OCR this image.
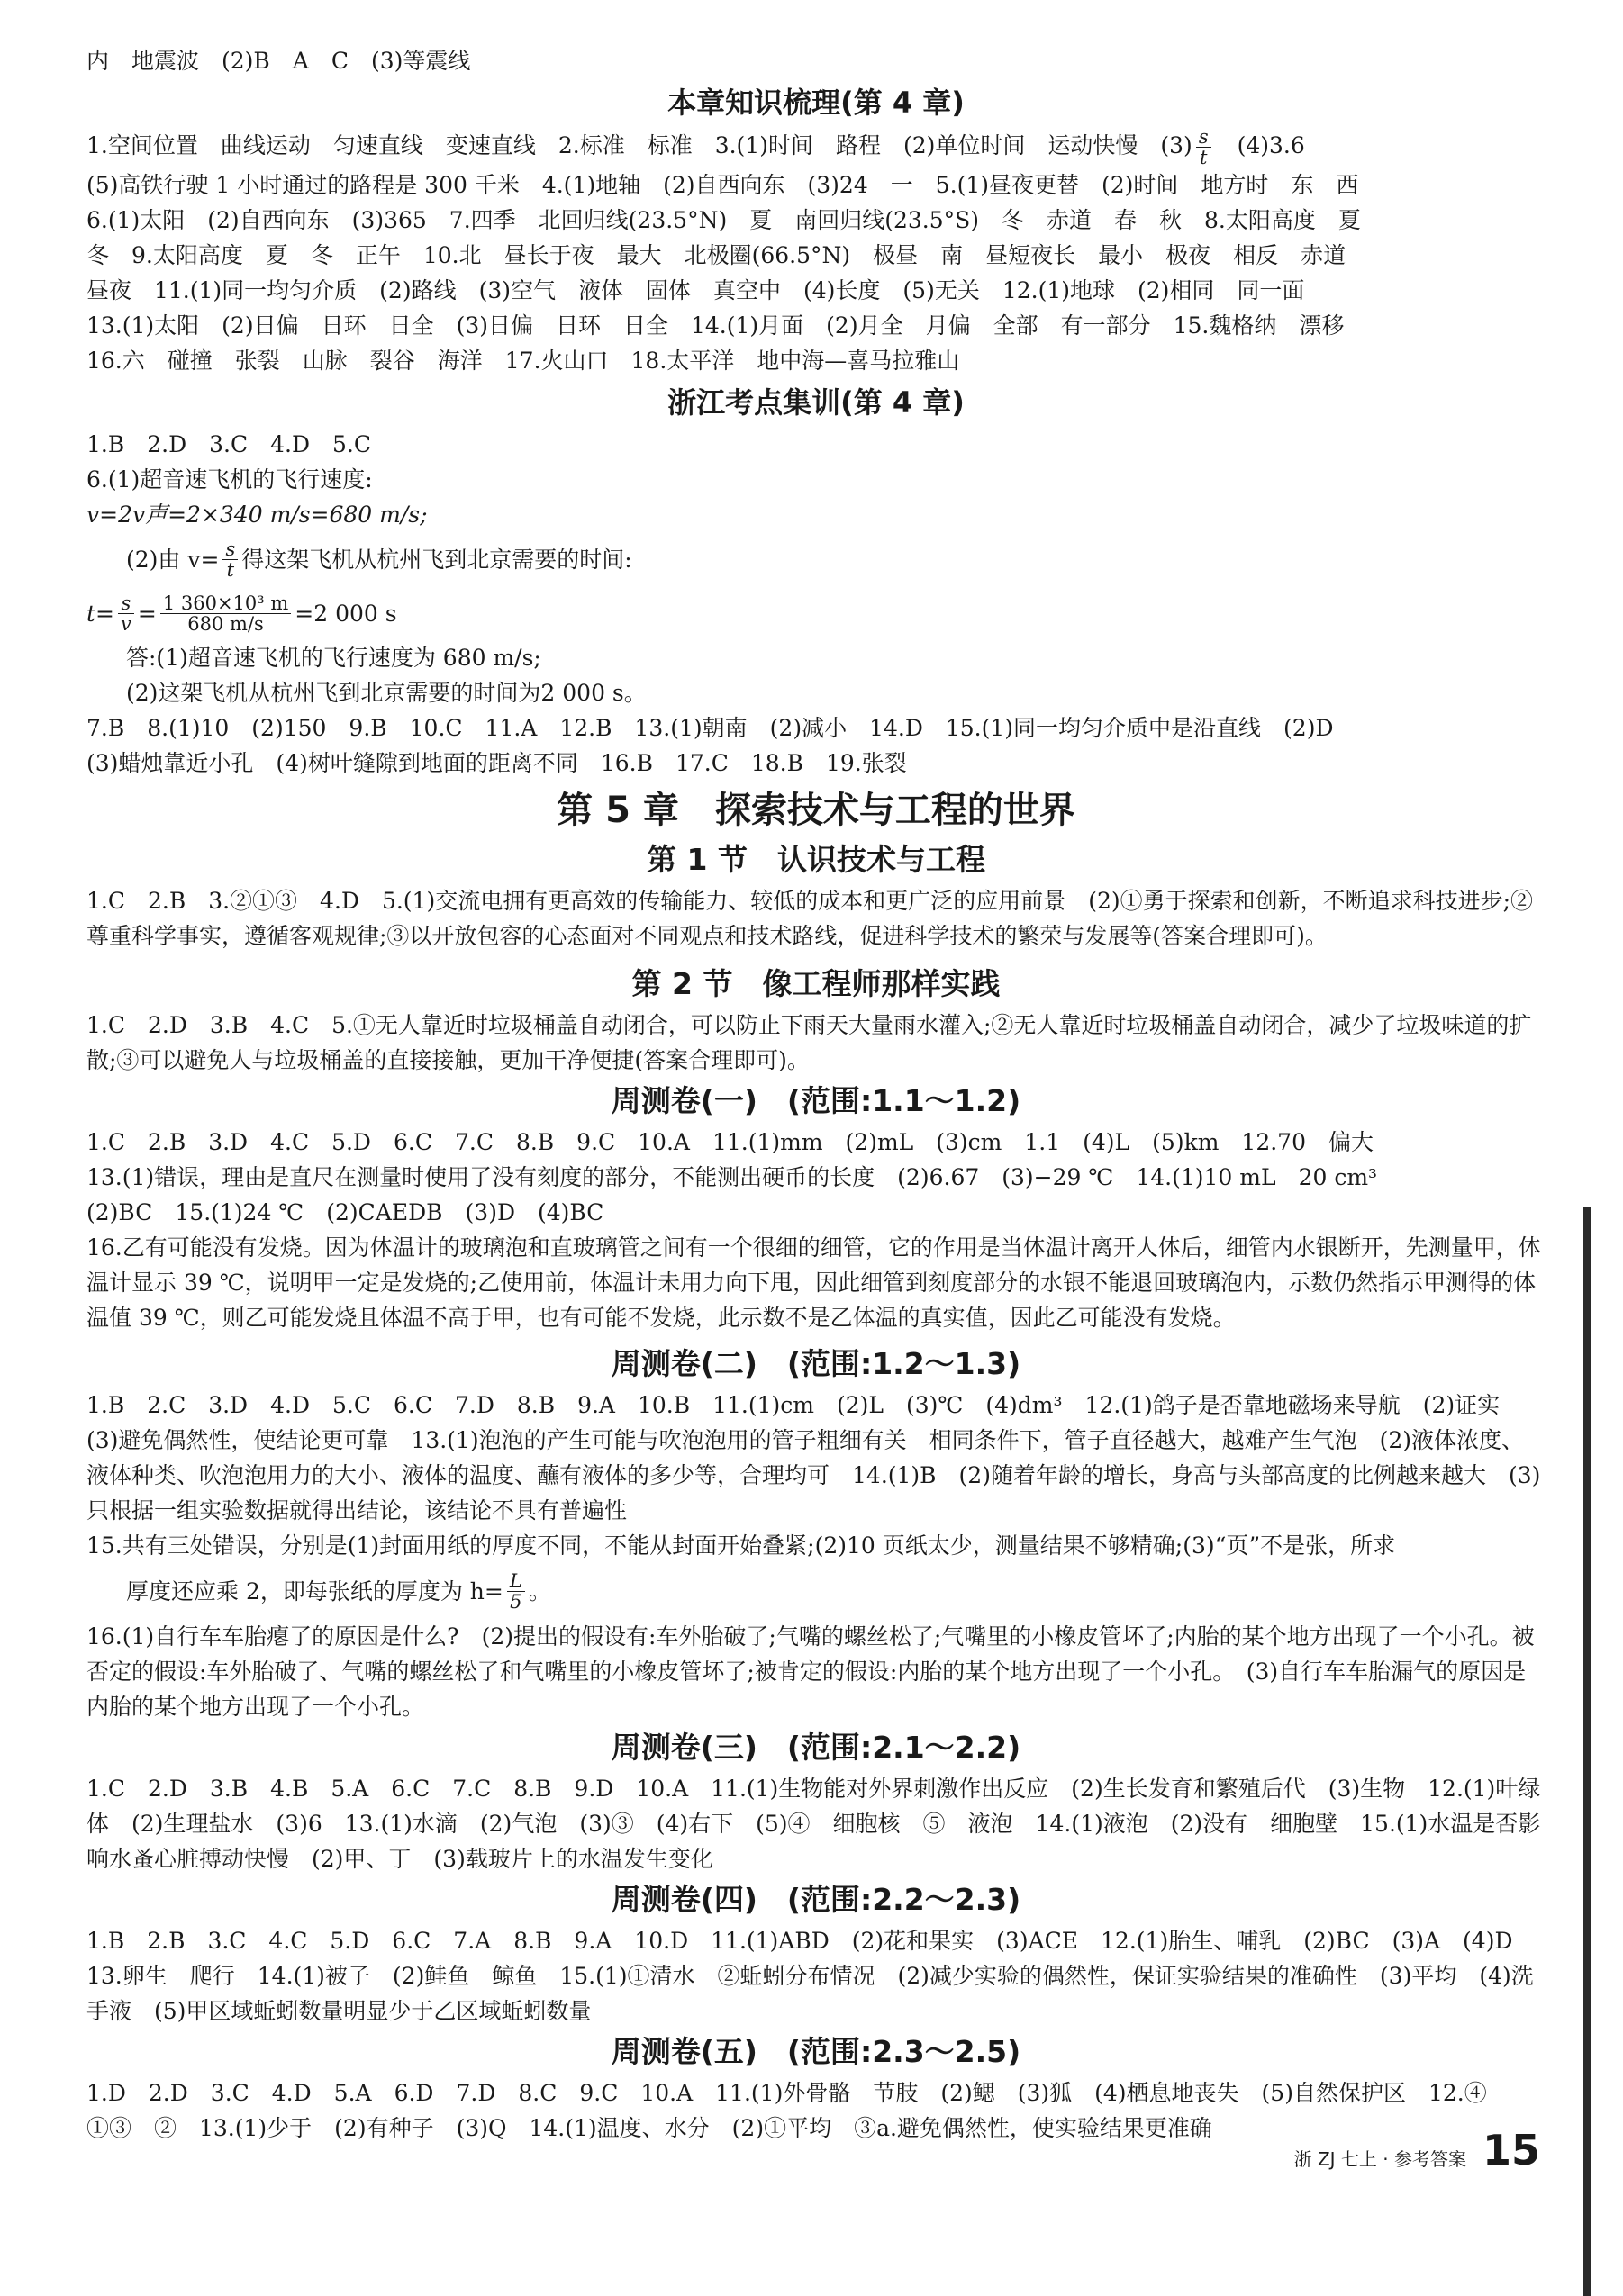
内　地震波　(2)B　A　C　(3)等震线
本章知识梳理(第 4 章)
1.空间位置　曲线运动　匀速直线　变速直线　2.标准　标准　3.(1)时间　路程　(2)单位时间　运动快慢　$(3) \frac{s}{t}$ 　(4)3.6
(5)高铁行驶 1 小时通过的路程是 300 千米　4.(1)地轴　(2)自西向东　(3)24　一　5.(1)昼夜更替　(2)时间　地方时　东　西
6.(1)太阳　(2)自西向东　(3)365　7.四季　北回归线(23.5°N)　夏　南回归线(23.5°S)　冬　赤道　春　秋　8.太阳高度　夏
冬　9.太阳高度　夏　冬　正午　10.北　昼长于夜　最大　北极圈(66.5°N)　极昼　南　昼短夜长　最小　极夜　相反　赤道
昼夜　11.(1)同一均匀介质　(2)路线　(3)空气　液体　固体　真空中　(4)长度　(5)无关　12.(1)地球　(2)相同　同一面
13.(1)太阳　(2)日偏　日环　日全　(3)日偏　日环　日全　14.(1)月面　(2)月全　月偏　全部　有一部分　15.魏格纳　漂移
16.六　碰撞　张裂　山脉　裂谷　海洋　17.火山口　18.太平洋　地中海—喜马拉雅山
浙江考点集训(第 4 章)
1.B　2.D　3.C　4.D　5.C
6.(1)超音速飞机的飞行速度:
v=2v声=2×340 m/s=680 m/s;
(2)由 $v= \frac{s}{t}$ 得这架飞机从杭州飞到北京需要的时间:
$t= \frac{s}{v} = \frac{\text{1 360×10³ m}}{680 m/s} =2$ 000 s
答:(1)超音速飞机的飞行速度为 680 m/s;
(2)这架飞机从杭州飞到北京需要的时间为2 000 s。
7.B　8.(1)10　(2)150　9.B　10.C　11.A　12.B　13.(1)朝南　(2)减小　14.D　15.(1)同一均匀介质中是沿直线　(2)D
(3)蜡烛靠近小孔　(4)树叶缝隙到地面的距离不同　16.B　17.C　18.B　19.张裂
第 5 章　探索技术与工程的世界
第 1 节　认识技术与工程
1.C　2.B　3.②①③　4.D　5.(1)交流电拥有更高效的传输能力、较低的成本和更广泛的应用前景　(2)①勇于探索和创新，不断追求科技进步;②尊重科学事实，遵循客观规律;③以开放包容的心态面对不同观点和技术路线，促进科学技术的繁荣与发展等(答案合理即可)。
第 2 节　像工程师那样实践
1.C　2.D　3.B　4.C　5.①无人靠近时垃圾桶盖自动闭合，可以防止下雨天大量雨水灌入;②无人靠近时垃圾桶盖自动闭合，减少了垃圾味道的扩散;③可以避免人与垃圾桶盖的直接接触，更加干净便捷(答案合理即可)。
周测卷(一)　(范围:1.1～1.2)
1.C　2.B　3.D　4.C　5.D　6.C　7.C　8.B　9.C　10.A　11.(1)mm　(2)mL　(3)cm　1.1　(4)L　(5)km　12.70　偏大
13.(1)错误，理由是直尺在测量时使用了没有刻度的部分，不能测出硬币的长度　(2)6.67　(3)−29 ℃　14.(1)10 mL　20 cm³
(2)BC　15.(1)24 ℃　(2)CAEDB　(3)D　(4)BC
16.乙有可能没有发烧。因为体温计的玻璃泡和直玻璃管之间有一个很细的细管，它的作用是当体温计离开人体后，细管内水银断开，先测量甲，体温计显示 39 ℃，说明甲一定是发烧的;乙使用前，体温计未用力向下甩，因此细管到刻度部分的水银不能退回玻璃泡内，示数仍然指示甲测得的体温值 39 ℃，则乙可能发烧且体温不高于甲，也有可能不发烧，此示数不是乙体温的真实值，因此乙可能没有发烧。
周测卷(二)　(范围:1.2～1.3)
1.B　2.C　3.D　4.D　5.C　6.C　7.D　8.B　9.A　10.B　11.(1)cm　(2)L　(3)℃　(4)dm³　12.(1)鸽子是否靠地磁场来导航　(2)证实　(3)避免偶然性，使结论更可靠　13.(1)泡泡的产生可能与吹泡泡用的管子粗细有关　相同条件下，管子直径越大，越难产生气泡　(2)液体浓度、液体种类、吹泡泡用力的大小、液体的温度、蘸有液体的多少等，合理均可　14.(1)B　(2)随着年龄的增长，身高与头部高度的比例越来越大　(3)只根据一组实验数据就得出结论，该结论不具有普遍性
15.共有三处错误，分别是(1)封面用纸的厚度不同，不能从封面开始叠紧;(2)10 页纸太少，测量结果不够精确;(3)“页”不是张，所求
厚度还应乘 2，即每张纸的厚度为 $h= \frac{L}{5}$ 。
16.(1)自行车车胎瘪了的原因是什么?　(2)提出的假设有:车外胎破了;气嘴的螺丝松了;气嘴里的小橡皮管坏了;内胎的某个地方出现了一个小孔。被否定的假设:车外胎破了、气嘴的螺丝松了和气嘴里的小橡皮管坏了;被肯定的假设:内胎的某个地方出现了一个小孔。　(3)自行车车胎漏气的原因是内胎的某个地方出现了一个小孔。
周测卷(三)　(范围:2.1～2.2)
1.C　2.D　3.B　4.B　5.A　6.C　7.C　8.B　9.D　10.A　11.(1)生物能对外界刺激作出反应　(2)生长发育和繁殖后代　(3)生物　12.(1)叶绿体　(2)生理盐水　(3)6　13.(1)水滴　(2)气泡　(3)③　(4)右下　(5)④　细胞核　⑤　液泡　14.(1)液泡　(2)没有　细胞壁　15.(1)水温是否影响水蚤心脏搏动快慢　(2)甲、丁　(3)载玻片上的水温发生变化
周测卷(四)　(范围:2.2～2.3)
1.B　2.B　3.C　4.C　5.D　6.C　7.A　8.B　9.A　10.D　11.(1)ABD　(2)花和果实　(3)ACE　12.(1)胎生、哺乳　(2)BC　(3)A　(4)D　13.卵生　爬行　14.(1)被子　(2)鲑鱼　鲸鱼　15.(1)①清水　②蚯蚓分布情况　(2)减少实验的偶然性，保证实验结果的准确性　(3)平均　(4)洗手液　(5)甲区域蚯蚓数量明显少于乙区域蚯蚓数量
周测卷(五)　(范围:2.3～2.5)
1.D　2.D　3.C　4.D　5.A　6.D　7.D　8.C　9.C　10.A　11.(1)外骨骼　节肢　(2)鳃　(3)狐　(4)栖息地丧失　(5)自然保护区　12.④　①③　②　13.(1)少于　(2)有种子　(3)Q　14.(1)温度、水分　(2)①平均　③a.避免偶然性，使实验结果更准确
浙 ZJ 七上 · 参考答案 15
